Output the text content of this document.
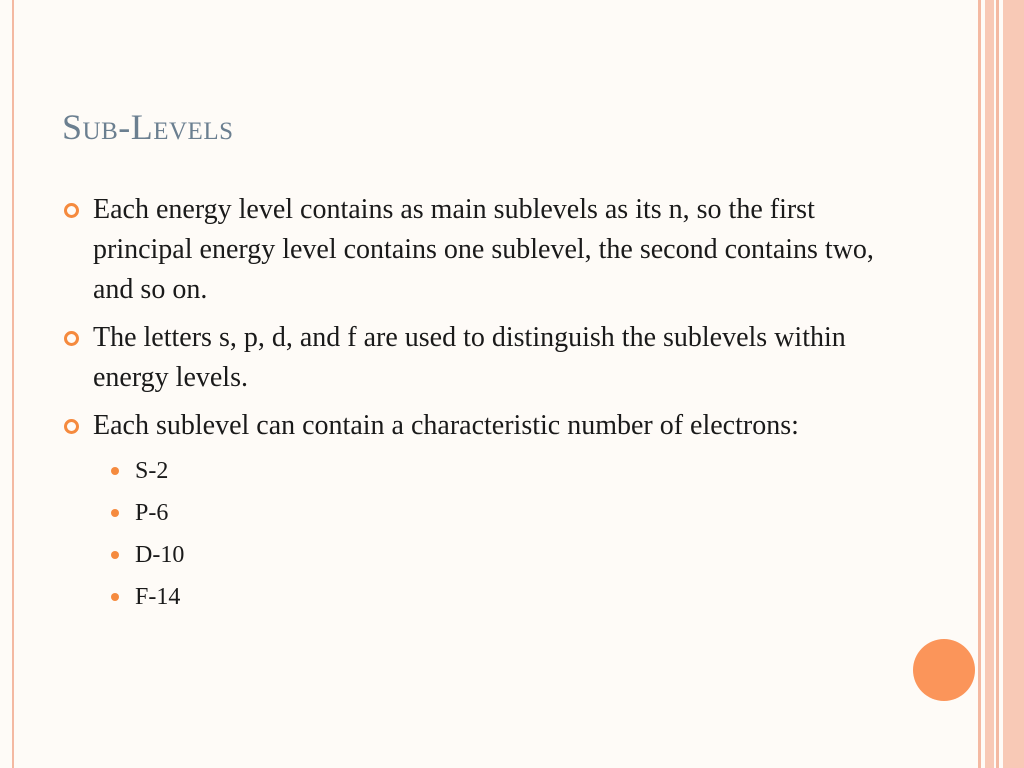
Sub-Levels
Each energy level contains as main sublevels as its n, so the first principal energy level contains one sublevel, the second contains two, and so on.
The letters s, p, d, and f are used to distinguish the sublevels within energy levels.
Each sublevel can contain a characteristic number of electrons:
S-2
P-6
D-10
F-14
